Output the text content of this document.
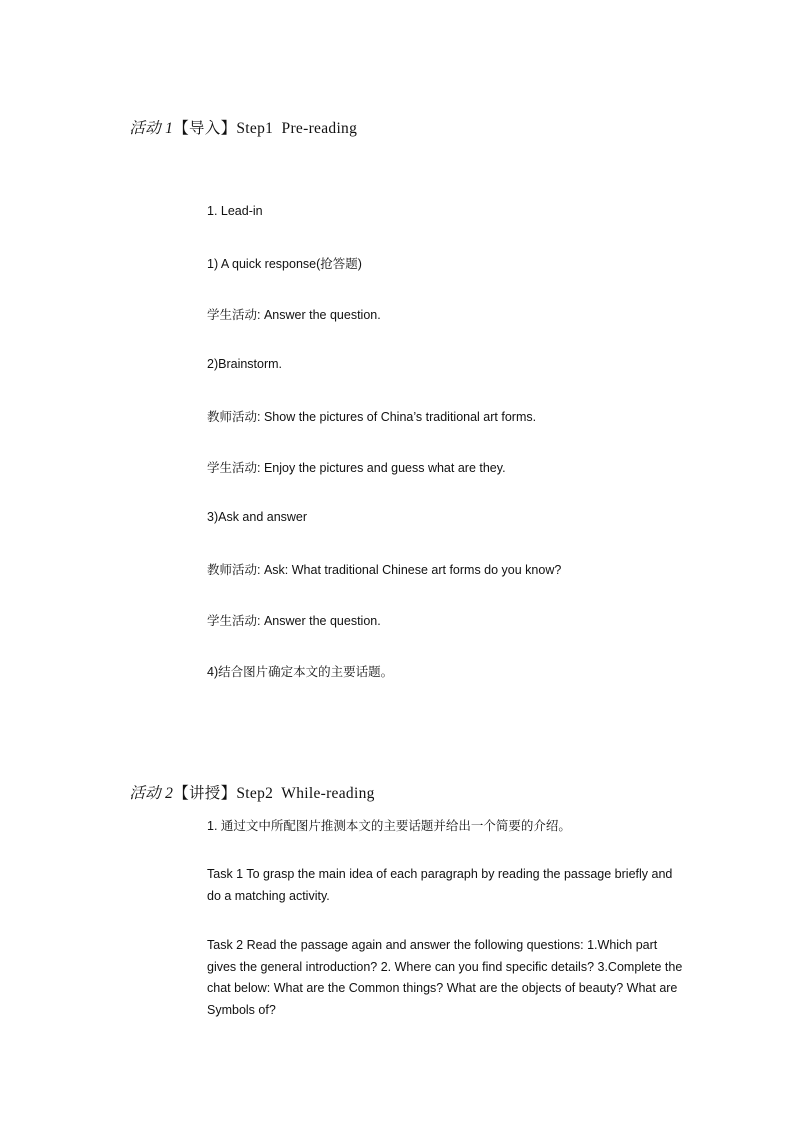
活动 1【导入】Step1  Pre-reading

1. Lead-in
1) A quick response(抢答题)
学生活动: Answer the question.
2)Brainstorm.
教师活动: Show the pictures of China’s traditional art forms.
学生活动: Enjoy the pictures and guess what are they.
3)Ask and answer
教师活动: Ask: What traditional Chinese art forms do you know?
学生活动: Answer the question.
4)结合图片确定本文的主要话题。

活动 2【讲授】Step2  While-reading

1. 通过文中所配图片推测本文的主要话题并给出一个简要的介绍。
Task 1 To grasp the main idea of each paragraph by reading the passage briefly and do a matching activity.
Task 2 Read the passage again and answer the following questions: 1.Which part gives the general introduction? 2. Where can you find specific details? 3.Complete the chat below: What are the Common things? What are the objects of beauty? What are Symbols of?
